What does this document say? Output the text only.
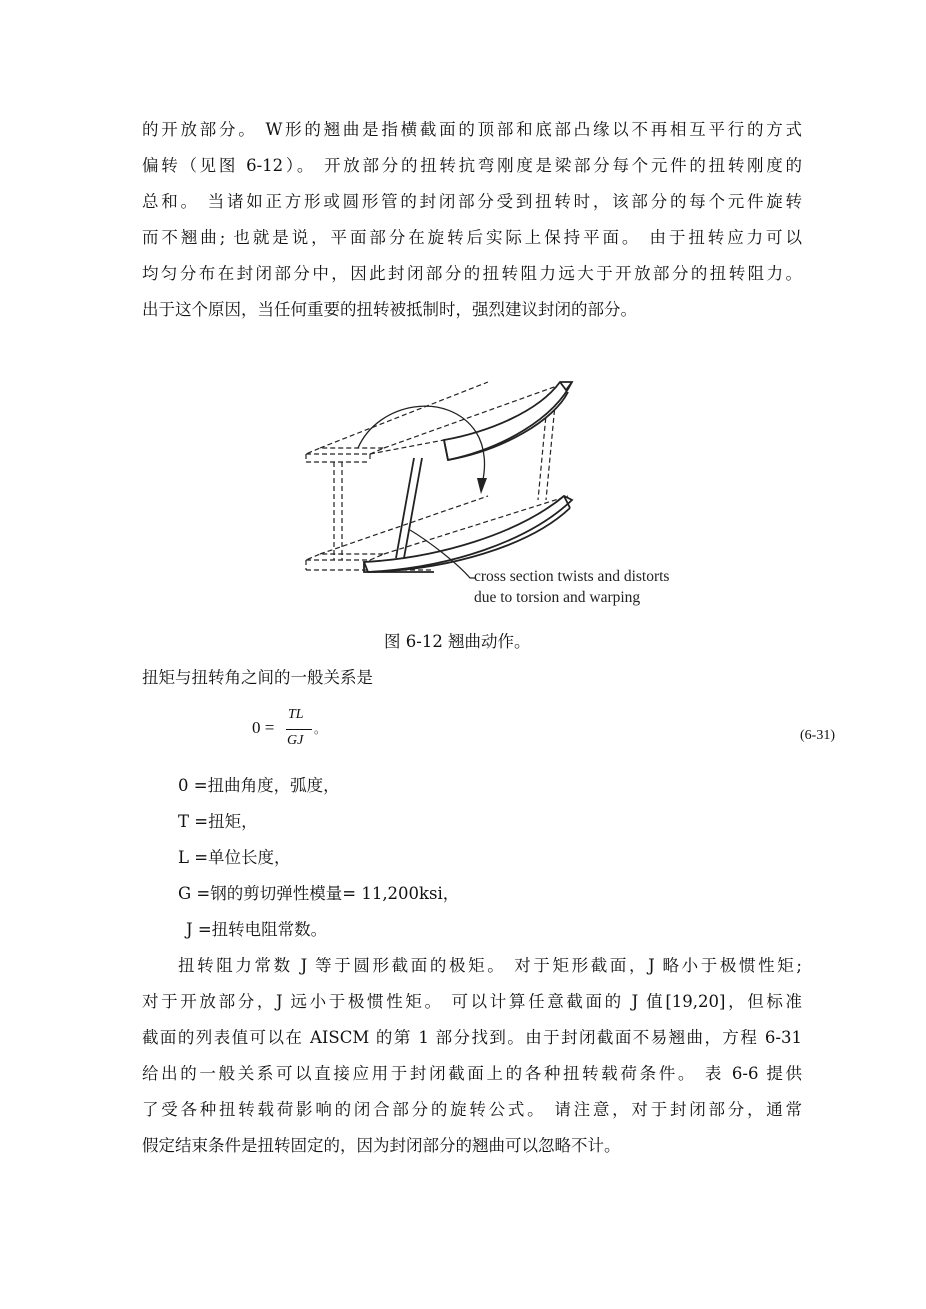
的开放部分。 W形的翘曲是指横截面的顶部和底部凸缘以不再相互平行的方式
偏转（见图 6-12）。 开放部分的扭转抗弯刚度是梁部分每个元件的扭转刚度的
总和。 当诸如正方形或圆形管的封闭部分受到扭转时，该部分的每个元件旋转
而不翘曲; 也就是说，平面部分在旋转后实际上保持平面。 由于扭转应力可以
均匀分布在封闭部分中，因此封闭部分的扭转阻力远大于开放部分的扭转阻力。
出于这个原因，当任何重要的扭转被抵制时，强烈建议封闭的部分。
cross section twists and distorts
due to torsion and warping
图 6-12 翘曲动作。
扭矩与扭转角之间的一般关系是
0 =
TL
GJ
。	(6-31)
0 =扭曲角度，弧度，
T =扭矩，
L =单位长度，
G =钢的剪切弹性模量= 11,200ksi，
J =扭转电阻常数。
扭转阻力常数 J 等于圆形截面的极矩。 对于矩形截面，J 略小于极惯性矩;
对于开放部分，J 远小于极惯性矩。 可以计算任意截面的 J 值[19,20]，但标准
截面的列表值可以在 AISCM 的第 1 部分找到。由于封闭截面不易翘曲，方程 6-31
给出的一般关系可以直接应用于封闭截面上的各种扭转载荷条件。 表 6-6 提供
了受各种扭转载荷影响的闭合部分的旋转公式。 请注意，对于封闭部分，通常
假定结束条件是扭转固定的，因为封闭部分的翘曲可以忽略不计。
